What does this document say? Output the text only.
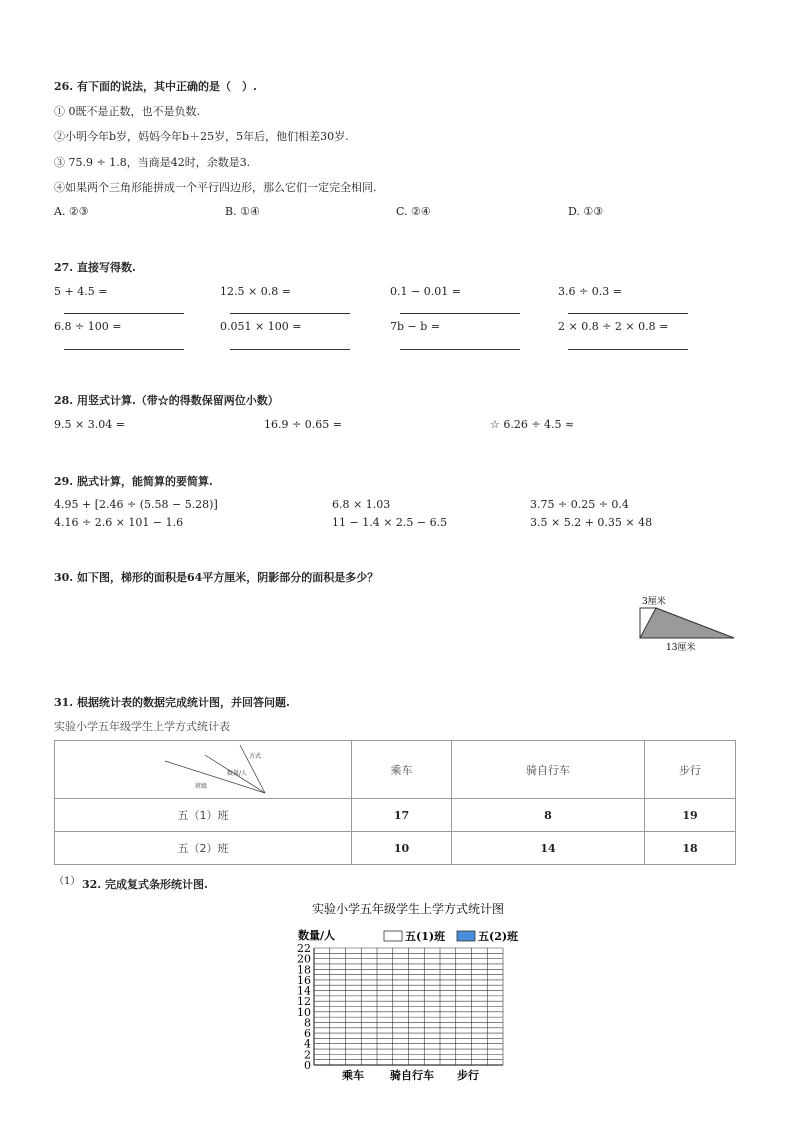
26. 有下面的说法，其中正确的是（　）.
① 0既不是正数，也不是负数.
②小明今年b岁，妈妈今年b＋25岁，5年后，他们相差30岁.
③ 75.9 ÷ 1.8，当商是42时，余数是3.
④如果两个三角形能拼成一个平行四边形，那么它们一定完全相同.
A. ②③	B. ①④	C. ②④	D. ①③
27. 直接写得数.
5 + 4.5 =	12.5 × 0.8 =	0.1 − 0.01 =	3.6 ÷ 0.3 =
6.8 ÷ 100 =	0.051 × 100 =	7b − b =	2 × 0.8 ÷ 2 × 0.8 =
28. 用竖式计算.（带☆的得数保留两位小数）
9.5 × 3.04 =	16.9 ÷ 0.65 =	☆ 6.26 ÷ 4.5 ≈
29. 脱式计算，能简算的要简算.
4.95 + [2.46 ÷ (5.58 − 5.28)]	6.8 × 1.03	3.75 ÷ 0.25 ÷ 0.4
4.16 ÷ 2.6 × 101 − 1.6	11 − 1.4 × 2.5 − 6.5	3.5 × 5.2 + 0.35 × 48
30. 如下图，梯形的面积是64平方厘米，阴影部分的面积是多少？
3厘米
13厘米
31. 根据统计表的数据完成统计图，并回答问题.
实验小学五年级学生上学方式统计表
方式
数量/人
班级	乘车	骑自行车	步行
五（1）班	17	8	19
五（2）班	10	14	18
（1） 32. 完成复式条形统计图.
实验小学五年级学生上学方式统计图
数量/人	五(1)班	五(2)班
0
2
4
6
8
10
12
14
16
18
20
22
乘车 骑自行车 步行
